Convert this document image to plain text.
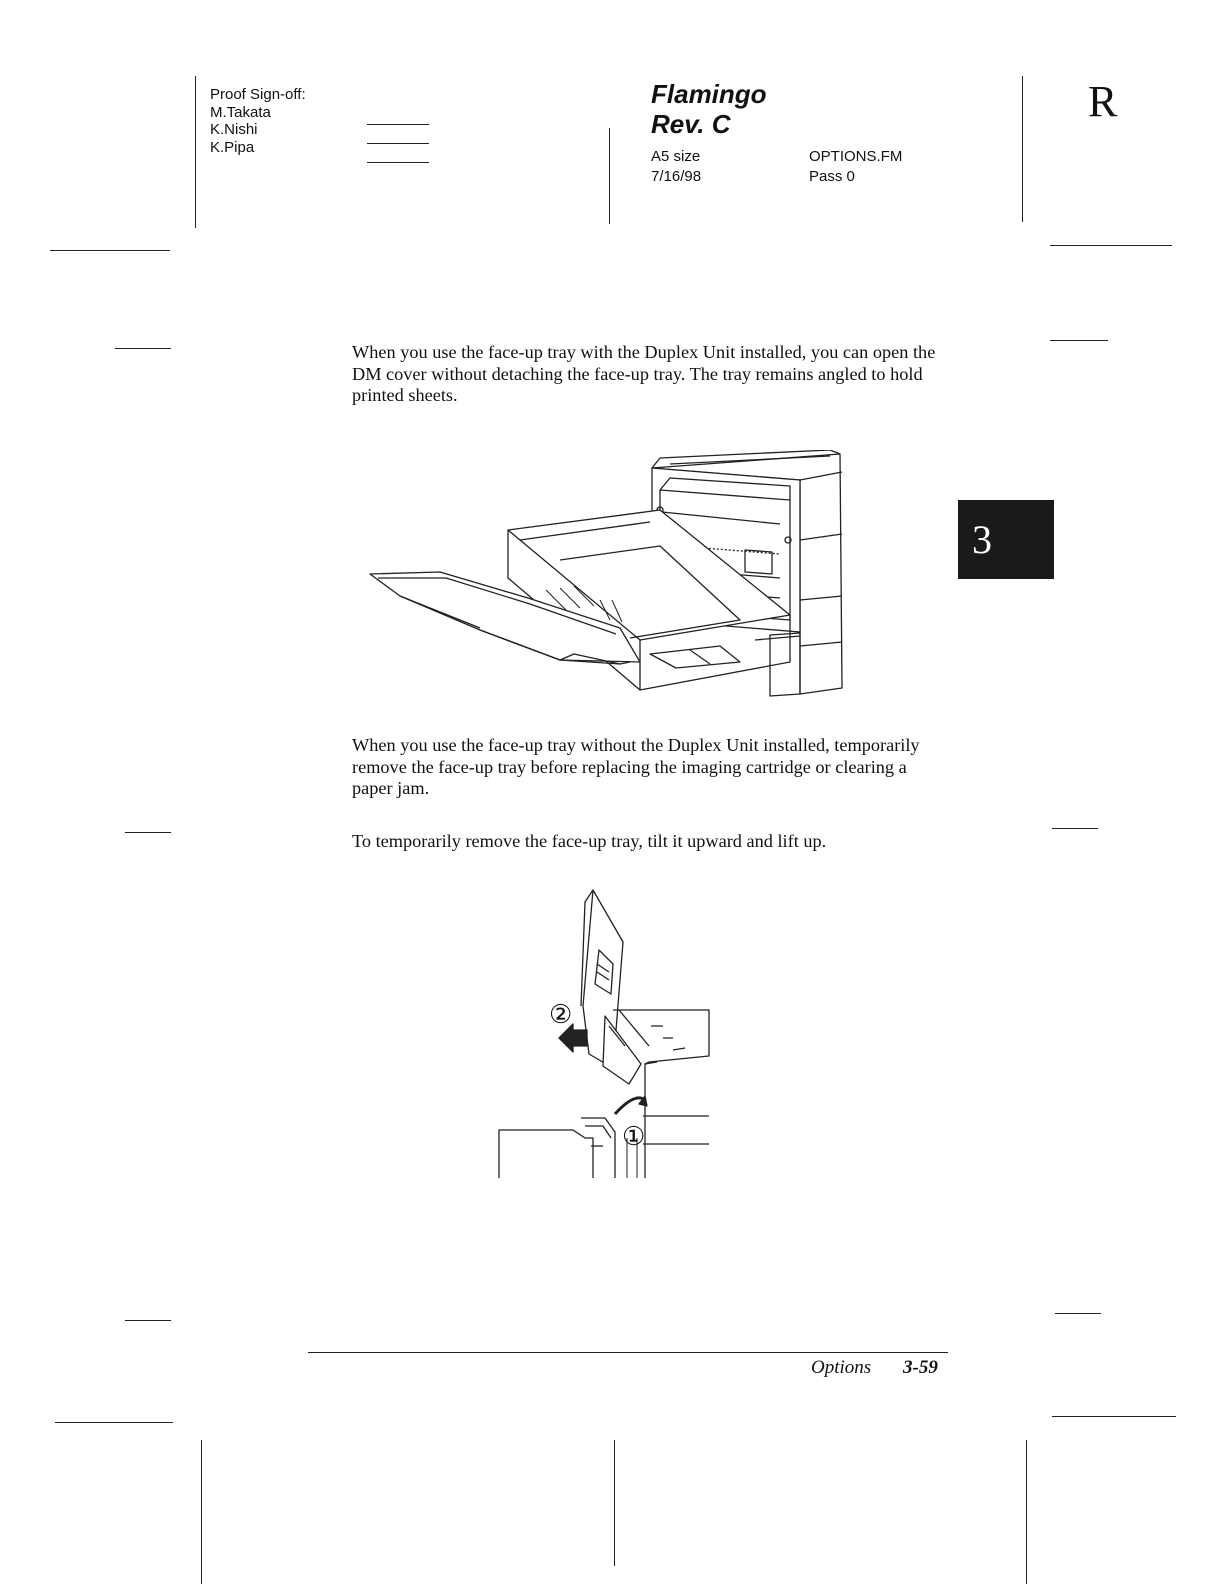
Proof Sign-off:
M.Takata
K.Nishi
K.Pipa
Flamingo
Rev. C
A5 size
7/16/98
OPTIONS.FM
Pass 0
R
3
When you use the face-up tray with the Duplex Unit installed, you can open the DM cover without detaching the face-up tray. The tray remains angled to hold printed sheets.
When you use the face-up tray without the Duplex Unit installed, temporarily remove the face-up tray before replacing the imaging cartridge or clearing a paper jam.
To temporarily remove the face-up tray, tilt it upward and lift up.
②
①
Options 3-59
